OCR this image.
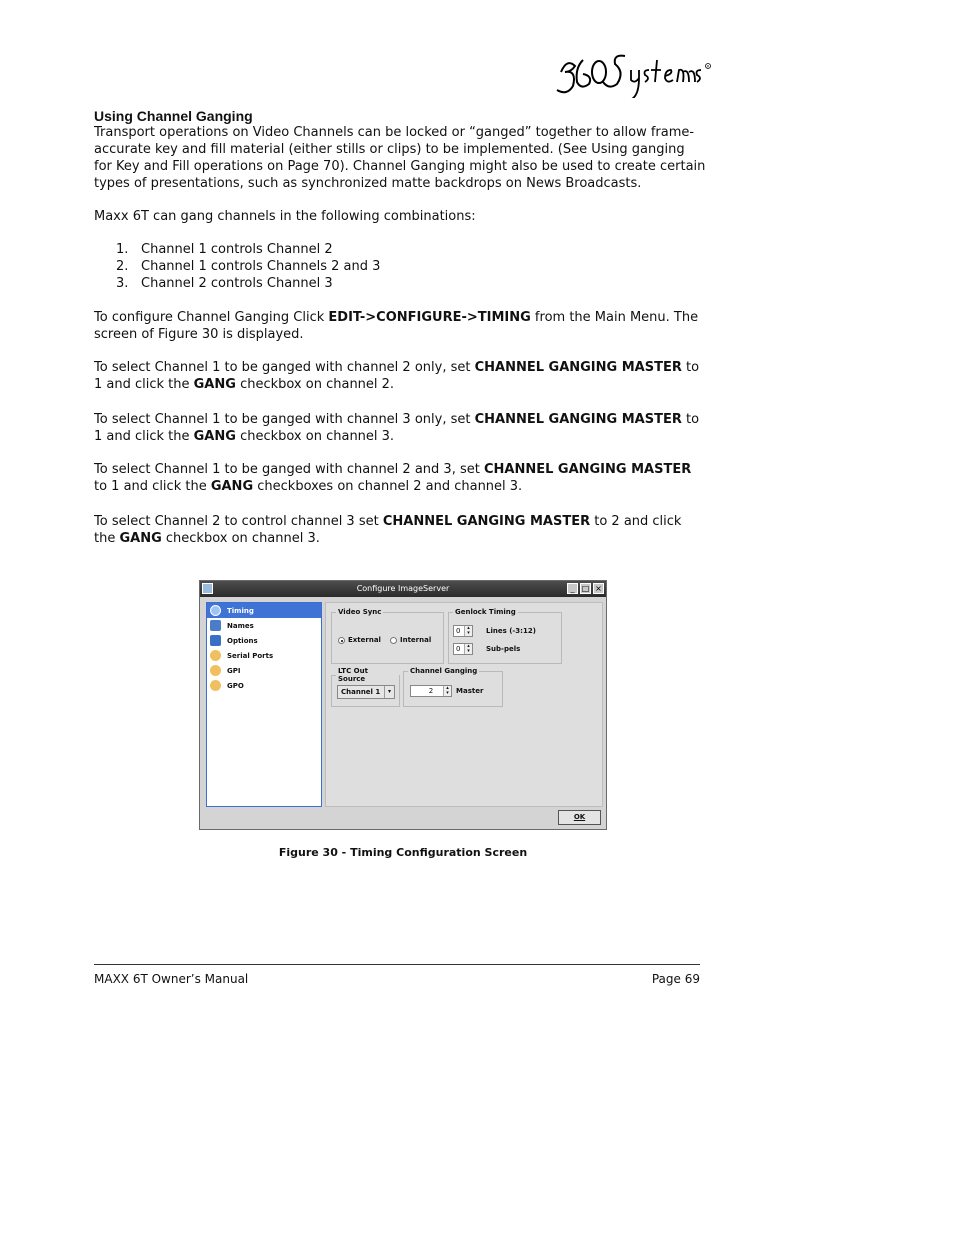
R
Using Channel Ganging
Transport operations on Video Channels can be locked or “ganged” together to allow frame-accurate key and fill material (either stills or clips) to be implemented. (See Using ganging for Key and Fill operations on Page 70). Channel Ganging might also be used to create certain types of presentations, such as synchronized matte backdrops on News Broadcasts.
Maxx 6T can gang channels in the following combinations:
1. Channel 1 controls Channel 2
2. Channel 1 controls Channels 2 and 3
3. Channel 2 controls Channel 3
To configure Channel Ganging Click EDIT->CONFIGURE->TIMING from the Main Menu. The screen of Figure 30 is displayed.
To select Channel 1 to be ganged with channel 2 only, set CHANNEL GANGING MASTER to 1 and click the GANG checkbox on channel 2.
To select Channel 1 to be ganged with channel 3 only, set CHANNEL GANGING MASTER to 1 and click the GANG checkbox on channel 3.
To select Channel 1 to be ganged with channel 2 and 3, set CHANNEL GANGING MASTER to 1 and click the GANG checkboxes on channel 2 and channel 3.
To select Channel 2 to control channel 3 set CHANNEL GANGING MASTER to 2 and click the GANG checkbox on channel 3.
Configure ImageServer	_ □ ×
Timing
Names
Options
Serial Ports
GPI
GPO
Video Sync
External	Internal
Genlock Timing
0	▴
▾	Lines (-3:12)
0	▴
▾	Sub-pels
LTC Out Source
Channel 1	▾
Channel Ganging
2	▴
▾	Master
OK
Figure 30 - Timing Configuration Screen
MAXX 6T Owner’s Manual	Page 69
